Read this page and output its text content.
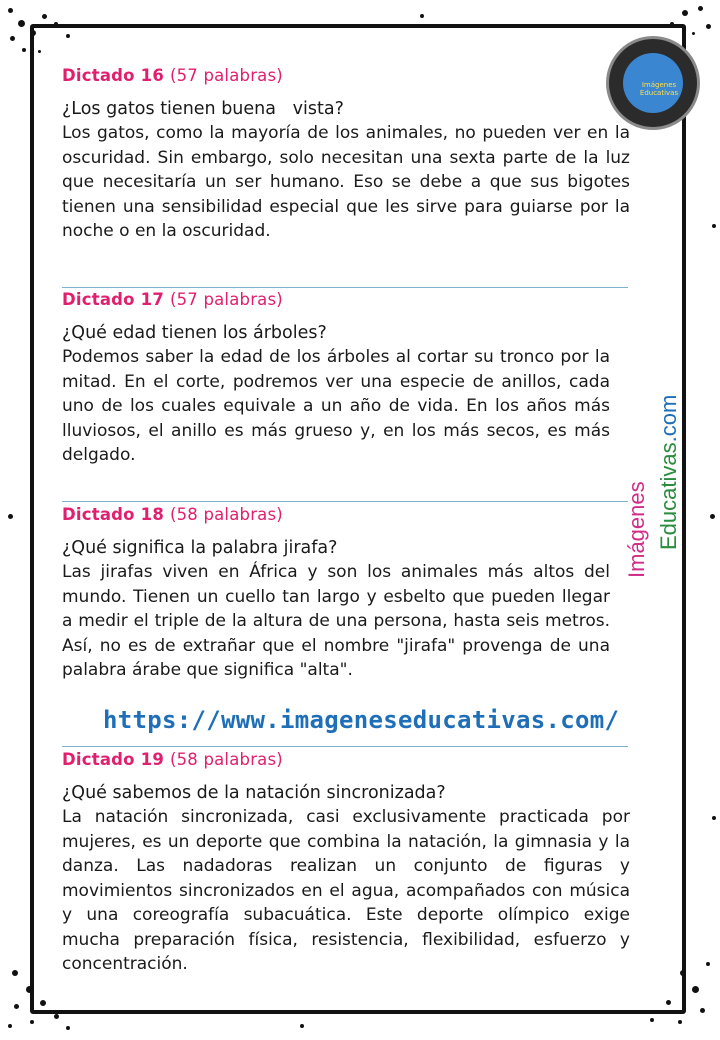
Imágenes Educativas
Dictado 16 (57 palabras)
¿Los gatos tienen buena   vista?
Los gatos, como la mayoría de los animales, no pueden ver en la oscuridad. Sin embargo, solo necesitan una sexta parte de la luz que necesitaría un ser humano. Eso se debe a que sus bigotes tienen una sensibilidad especial que les sirve para guiarse por la noche o en la oscuridad.
Dictado 17 (57 palabras)
¿Qué edad tienen los árboles?
Podemos saber la edad de los árboles al cortar su tronco por la mitad. En el corte, podremos ver una especie de anillos, cada uno de los cuales equivale a un año de vida. En los años más lluviosos, el anillo es más grueso y, en los más secos, es más delgado.
Dictado 18 (58 palabras)
¿Qué significa la palabra jirafa?
Las jirafas viven en África y son los animales más altos del mundo. Tienen un cuello tan largo y esbelto que pueden llegar a medir el triple de la altura de una persona, hasta seis metros. Así, no es de extrañar que el nombre "jirafa" provenga de una palabra árabe que significa "alta".
https://www.imageneseducativas.com/
Dictado 19 (58 palabras)
¿Qué sabemos de la natación sincronizada?
La natación sincronizada, casi exclusivamente practicada por mujeres, es un deporte que combina la natación, la gimnasia y la danza. Las nadadoras realizan un conjunto de figuras y movimientos sincronizados en el agua, acompañados con música y una coreografía subacuática. Este deporte olímpico exige mucha preparación física, resistencia, flexibilidad, esfuerzo y concentración.
Imágenes Educativas.com
